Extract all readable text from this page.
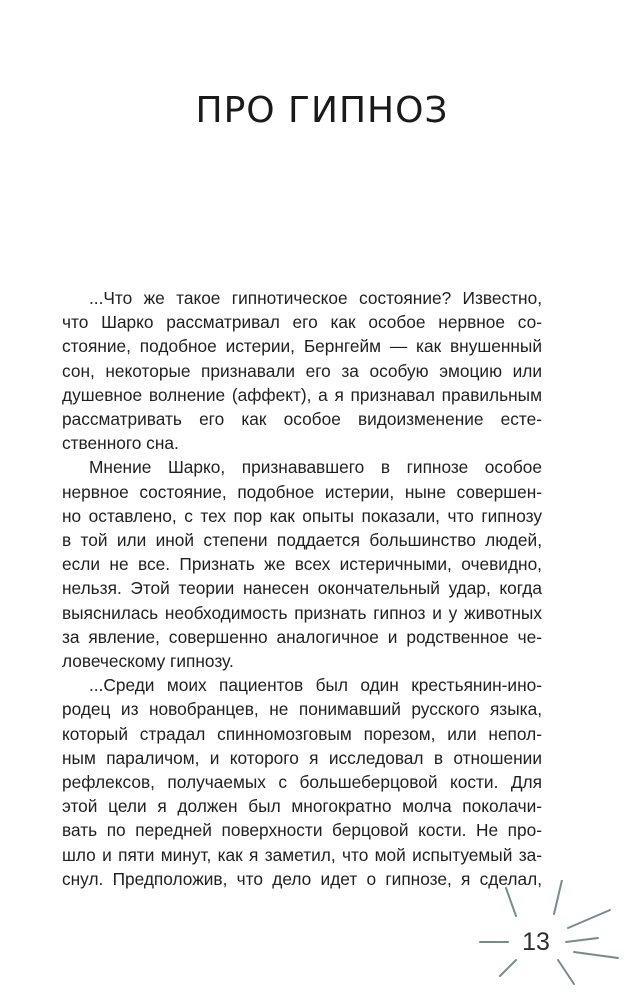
ПРО ГИПНОЗ
...Что же такое гипнотическое состояние? Известно,
что Шарко рассматривал его как особое нервное со-
стояние, подобное истерии, Бернгейм — как внушенный
сон, некоторые признавали его за особую эмоцию или
душевное волнение (аффект), а я признавал правильным
рассматривать его как особое видоизменение есте-
ственного сна.
Мнение Шарко, признававшего в гипнозе особое
нервное состояние, подобное истерии, ныне совершен-
но оставлено, с тех пор как опыты показали, что гипнозу
в той или иной степени поддается большинство людей,
если не все. Признать же всех истеричными, очевидно,
нельзя. Этой теории нанесен окончательный удар, когда
выяснилась необходимость признать гипноз и у животных
за явление, совершенно аналогичное и родственное че-
ловеческому гипнозу.
...Среди моих пациентов был один крестьянин-ино-
родец из новобранцев, не понимавший русского языка,
который страдал спинномозговым порезом, или непол-
ным параличом, и которого я исследовал в отношении
рефлексов, получаемых с большеберцовой кости. Для
этой цели я должен был многократно молча поколачи-
вать по передней поверхности берцовой кости. Не про-
шло и пяти минут, как я заметил, что мой испытуемый за-
снул. Предположив, что дело идет о гипнозе, я сделал,
13
